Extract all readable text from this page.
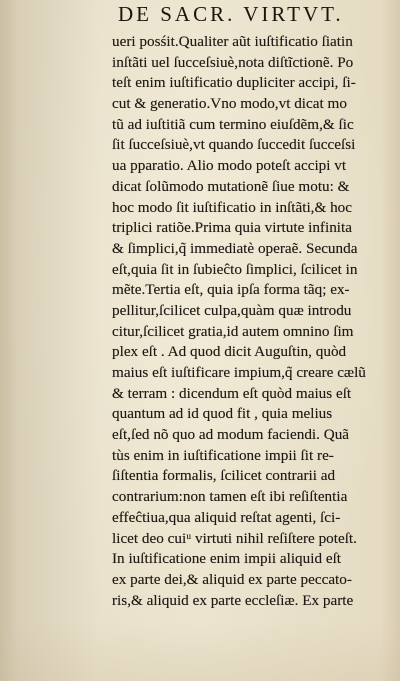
DE SACR. VIRTVT.
ueri posśit.Qualiter aũt iuſtificatio ſiatin
inſtãti uel ſucceſsiuè,nota diſtĩctionẽ. Po
teſt enim iuſtificatio dupliciter accipi, ſi-
cut & generatio.Vno modo,vt dicat mo
tũ ad iuſtitiã cum termino eiuſdẽm,& ſic
ſit ſucceſsiuè,vt quando ſuccedit ſucceſsi
ua pparatio. Alio modo poteſt accipi vt
dicat ſolũmodo mutationẽ ſiue motu: &
hoc modo ſit iuſtificatio in inſtãti,& hoc
triplici ratiõe.Prima quia virtute infinita
& ſimplici,q̃ immediatè operaẽ. Secunda
eſt,quia ſit in ſubieĉto ſimplici, ſcilicet in
mẽte.Tertia eſt, quia ipſa forma tãq; ex-
pellitur,ſcilicet culpa,quàm quæ introdu
citur,ſcilicet gratia,id autem omnino ſim
plex eſt . Ad quod dicit Auguſtin, quòd
maius eſt iuſtificare impium,q̃ creare cælũ
& terram : dicendum eſt quòd maius eſt
quantum ad id quod fit , quia melius
eſt,ſed nõ quo ad modum faciendi. Quã
tùs enim in iuſtificatione impii ſit re-
ſiſtentia formalis, ſcilicet contrarii ad
contrarium:non tamen eſt ibi reſiſtentia
effeĉtiua,qua aliquid reſtat agenti, ſci-
licet deo cuiᵘ virtuti nihil reſiſtere poteſt.
In iuſtificatione enim impii aliquid eſt
ex parte dei,& aliquid ex parte peccato-
ris,& aliquid ex parte eccleſiæ. Ex parte
